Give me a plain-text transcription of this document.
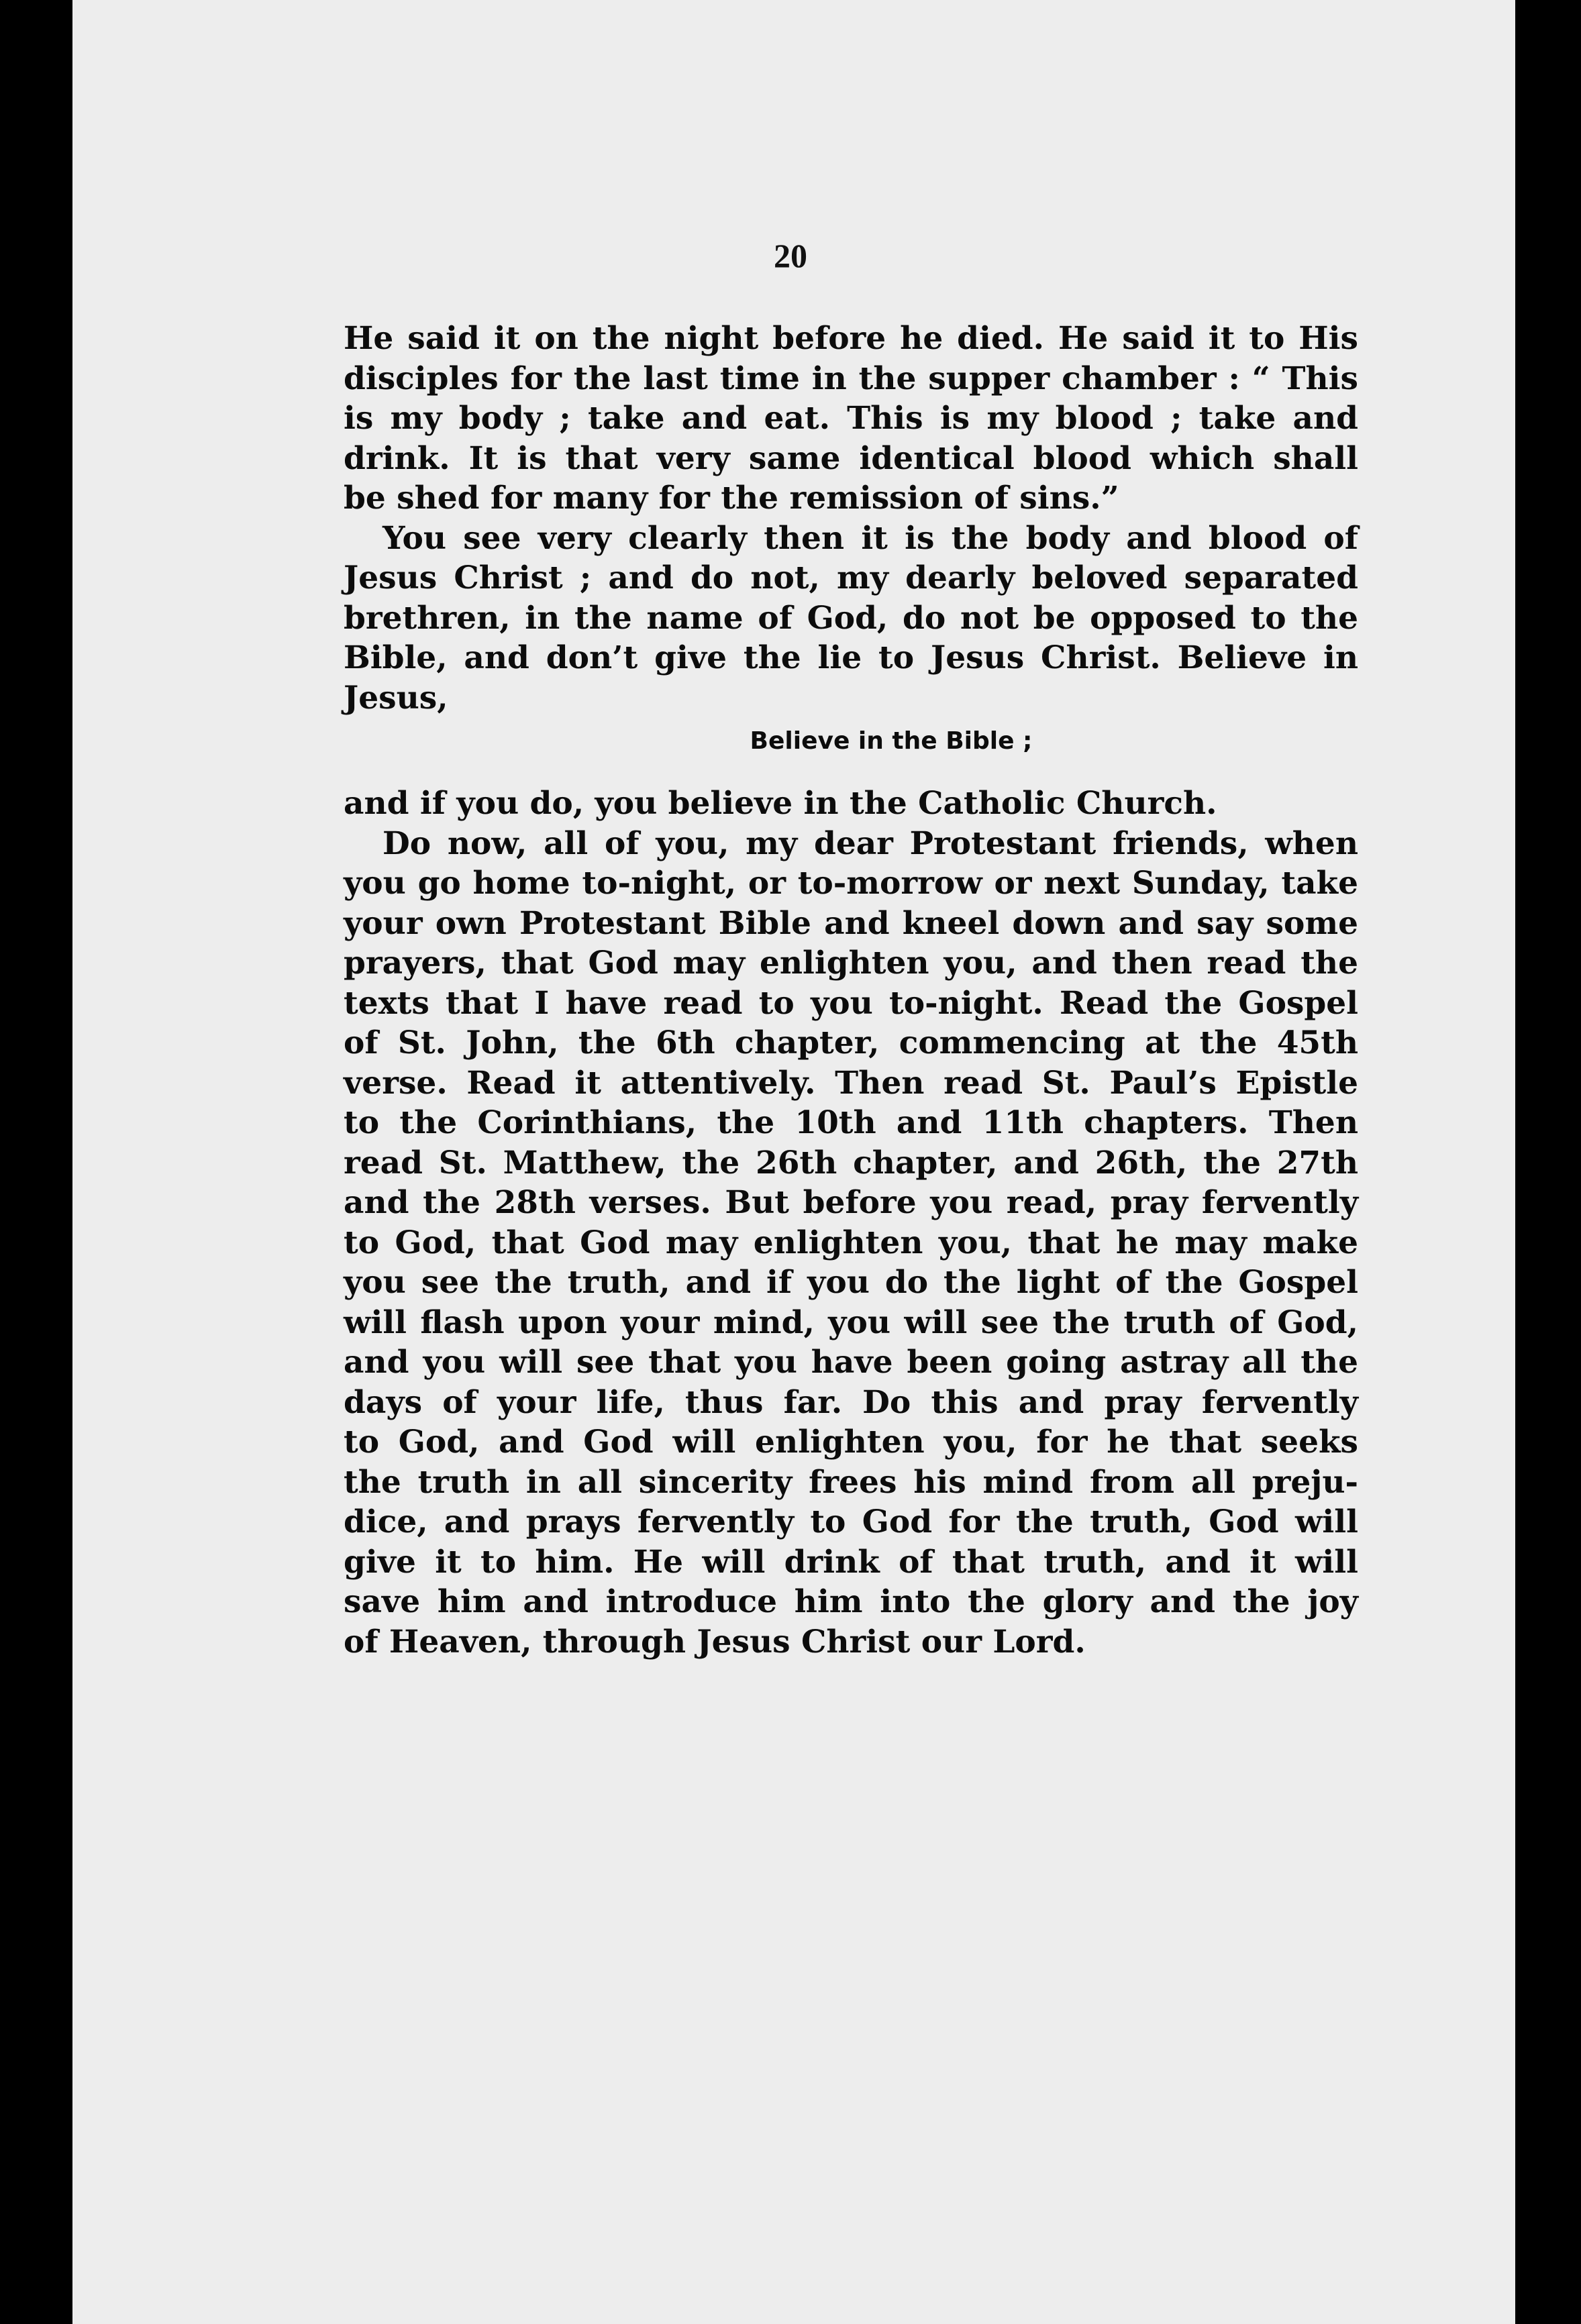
20
He said it on the night before he died. He said it to His
disciples for the last time in the supper chamber : “ This
is my body ; take and eat. This is my blood ; take and
drink. It is that very same identical blood which shall
be shed for many for the remission of sins.”
You see very clearly then it is the body and blood of
Jesus Christ ; and do not, my dearly beloved separated
brethren, in the name of God, do not be opposed to the
Bible, and don’t give the lie to Jesus Christ. Believe in
Jesus,
Believe in the Bible ;
and if you do, you believe in the Catholic Church.
Do now, all of you, my dear Protestant friends, when
you go home to-night, or to-morrow or next Sunday, take
your own Protestant Bible and kneel down and say some
prayers, that God may enlighten you, and then read the
texts that I have read to you to-night. Read the Gospel
of St. John, the 6th chapter, commencing at the 45th
verse. Read it attentively. Then read St. Paul’s Epistle
to the Corinthians, the 10th and 11th chapters. Then
read St. Matthew, the 26th chapter, and 26th, the 27th
and the 28th verses. But before you read, pray fervently
to God, that God may enlighten you, that he may make
you see the truth, and if you do the light of the Gospel
will flash upon your mind, you will see the truth of God,
and you will see that you have been going astray all the
days of your life, thus far. Do this and pray fervently
to God, and God will enlighten you, for he that seeks
the truth in all sincerity frees his mind from all preju-
dice, and prays fervently to God for the truth, God will
give it to him. He will drink of that truth, and it will
save him and introduce him into the glory and the joy
of Heaven, through Jesus Christ our Lord.
